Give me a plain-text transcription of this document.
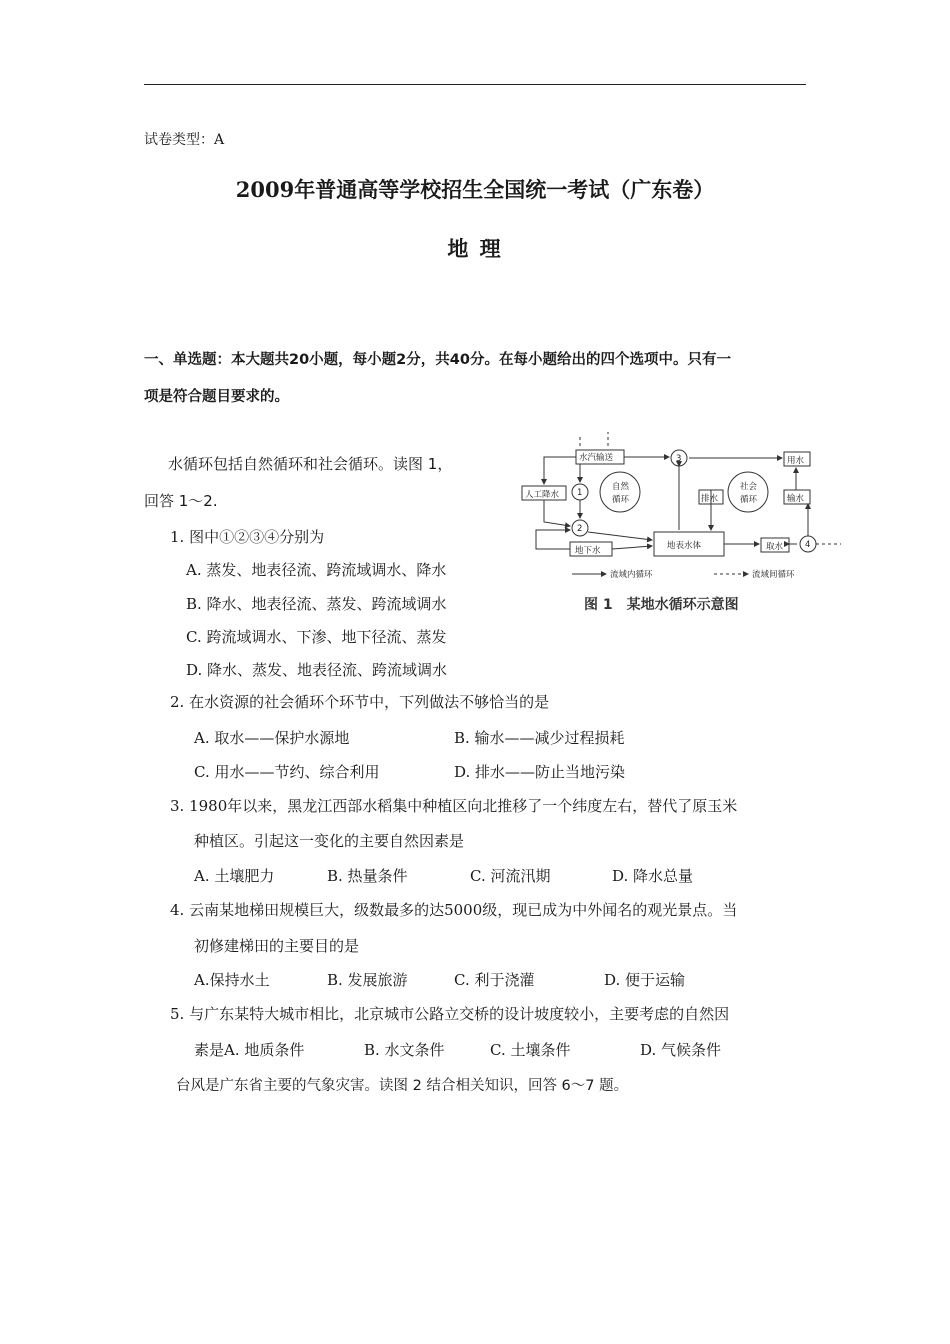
试卷类型：A
2009年普通高等学校招生全国统一考试（广东卷）
地 理
一、单选题：本大题共20小题，每小题2分，共40分。在每小题给出的四个选项中。只有一
项是符合题目要求的。
水循环包括自然循环和社会循环。读图 1，
回答 1～2.
水汽输送
人工降水
自然
循环
社会
循环
地下水	地表水体
排水
用水
输水
取水
1
2
3
4
流域内循环	流域间循环
图 1　某地水循环示意图
1. 图中①②③④分别为
A. 蒸发、地表径流、跨流域调水、降水
B. 降水、地表径流、蒸发、跨流域调水
C. 跨流域调水、下渗、地下径流、蒸发
D. 降水、蒸发、地表径流、跨流域调水
2. 在水资源的社会循环个环节中，下列做法不够恰当的是
A. 取水——保护水源地	B. 输水——减少过程损耗
C. 用水——节约、综合利用	D. 排水——防止当地污染
3. 1980年以来，黑龙江西部水稻集中种植区向北推移了一个纬度左右，替代了原玉米
种植区。引起这一变化的主要自然因素是
A. 土壤肥力	B. 热量条件	C. 河流汛期	D. 降水总量
4. 云南某地梯田规模巨大，级数最多的达5000级，现已成为中外闻名的观光景点。当
初修建梯田的主要目的是
A.保持水土	B. 发展旅游	C. 利于浇灌	D. 便于运输
5. 与广东某特大城市相比，北京城市公路立交桥的设计坡度较小，主要考虑的自然因
素是A. 地质条件	B. 水文条件	C. 土壤条件	D. 气候条件
台风是广东省主要的气象灾害。读图 2 结合相关知识，回答 6～7 题。
